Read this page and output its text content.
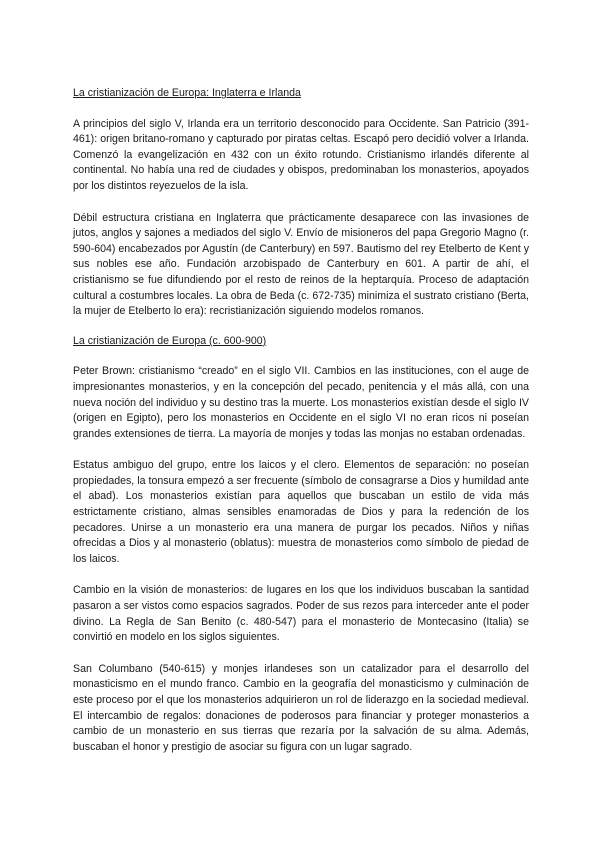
La cristianización de Europa: Inglaterra e Irlanda

A principios del siglo V, Irlanda era un territorio desconocido para Occidente. San Patricio (391-461): origen britano-romano y capturado por piratas celtas. Escapó pero decidió volver a Irlanda. Comenzó la evangelización en 432 con un éxito rotundo. Cristianismo irlandés diferente al continental. No había una red de ciudades y obispos, predominaban los monasterios, apoyados por los distintos reyezuelos de la isla.

Débil estructura cristiana en Inglaterra que prácticamente desaparece con las invasiones de jutos, anglos y sajones a mediados del siglo V. Envío de misioneros del papa Gregorio Magno (r. 590-604) encabezados por Agustín (de Canterbury) en 597. Bautismo del rey Etelberto de Kent y sus nobles ese año. Fundación arzobispado de Canterbury en 601. A partir de ahí, el cristianismo se fue difundiendo por el resto de reinos de la heptarquía. Proceso de adaptación cultural a costumbres locales. La obra de Beda (c. 672-735) minimiza el sustrato cristiano (Berta, la mujer de Etelberto lo era): recristianización siguiendo modelos romanos.

La cristianización de Europa (c. 600-900)

Peter Brown: cristianismo “creado” en el siglo VII. Cambios en las instituciones, con el auge de impresionantes monasterios, y en la concepción del pecado, penitencia y el más allá, con una nueva noción del individuo y su destino tras la muerte. Los monasterios existían desde el siglo IV (origen en Egipto), pero los monasterios en Occidente en el siglo VI no eran ricos ni poseían grandes extensiones de tierra. La mayoría de monjes y todas las monjas no estaban ordenadas.

Estatus ambiguo del grupo, entre los laicos y el clero. Elementos de separación: no poseían propiedades, la tonsura empezó a ser frecuente (símbolo de consagrarse a Dios y humildad ante el abad). Los monasterios existían para aquellos que buscaban un estilo de vida más estrictamente cristiano, almas sensibles enamoradas de Dios y para la redención de los pecadores. Unirse a un monasterio era una manera de purgar los pecados. Niños y niñas ofrecidas a Dios y al monasterio (oblatus): muestra de monasterios como símbolo de piedad de los laicos.

Cambio en la visión de monasterios: de lugares en los que los individuos buscaban la santidad pasaron a ser vistos como espacios sagrados. Poder de sus rezos para interceder ante el poder divino. La Regla de San Benito (c. 480-547) para el monasterio de Montecasino (Italia) se convirtió en modelo en los siglos siguientes.

San Columbano (540-615) y monjes irlandeses son un catalizador para el desarrollo del monasticismo en el mundo franco. Cambio en la geografía del monasticismo y culminación de este proceso por el que los monasterios adquirieron un rol de liderazgo en la sociedad medieval. El intercambio de regalos: donaciones de poderosos para financiar y proteger monasterios a cambio de un monasterio en sus tierras que rezaría por la salvación de su alma. Además, buscaban el honor y prestigio de asociar su figura con un lugar sagrado.
